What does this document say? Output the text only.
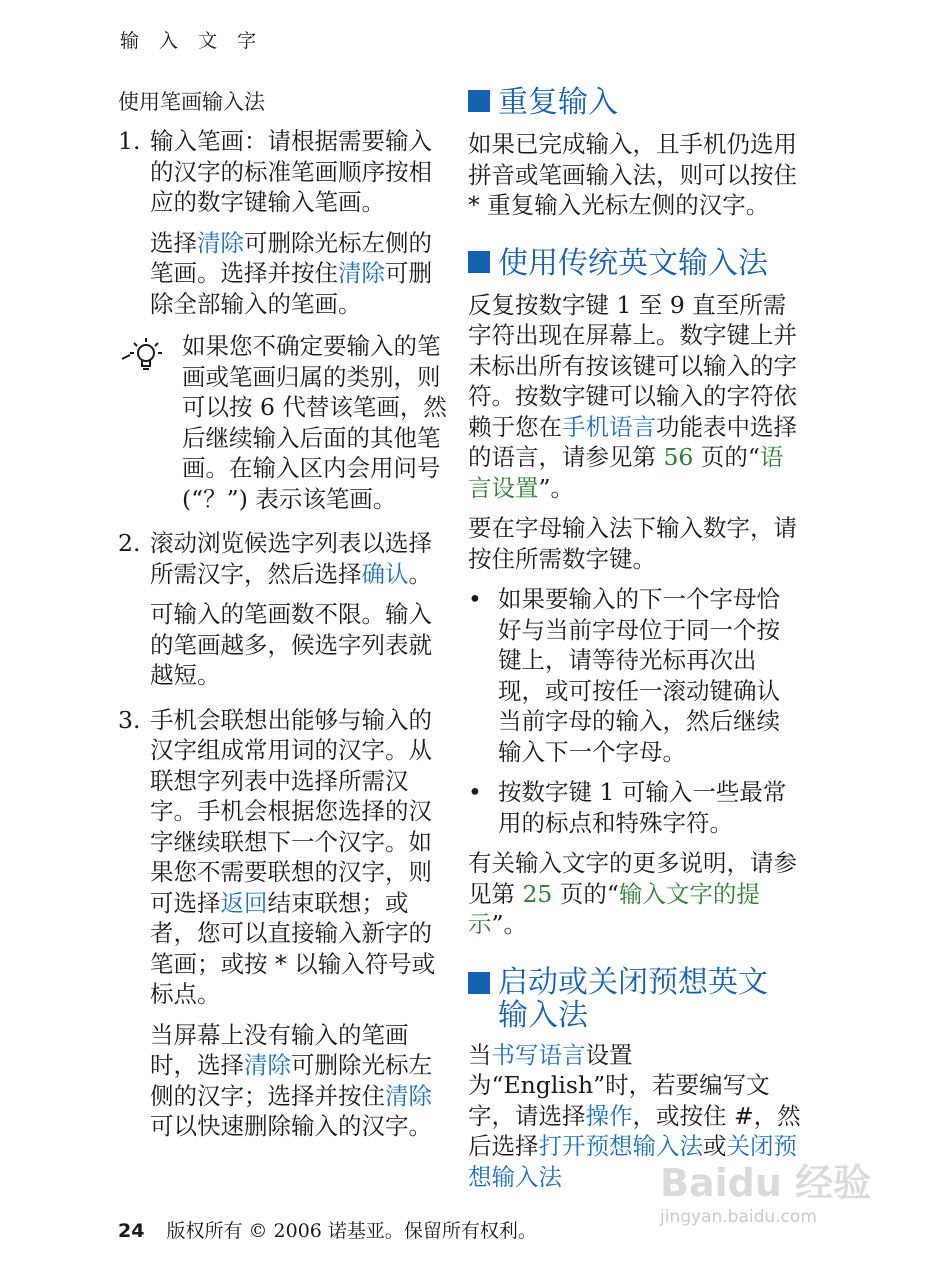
输 入 文 字
使用笔画输入法
1. 输入笔画：请根据需要输入的汉字的标准笔画顺序按相应的数字键输入笔画。
选择清除可删除光标左侧的笔画。选择并按住清除可删除全部输入的笔画。
如果您不确定要输入的笔画或笔画归属的类别，则可以按 6 代替该笔画，然后继续输入后面的其他笔画。在输入区内会用问号 (“？”) 表示该笔画。
2. 滚动浏览候选字列表以选择所需汉字，然后选择确认。
可输入的笔画数不限。输入的笔画越多，候选字列表就越短。
3. 手机会联想出能够与输入的汉字组成常用词的汉字。从联想字列表中选择所需汉字。手机会根据您选择的汉字继续联想下一个汉字。如果您不需要联想的汉字，则可选择返回结束联想；或者，您可以直接输入新字的笔画；或按 * 以输入符号或标点。
当屏幕上没有输入的笔画时，选择清除可删除光标左侧的汉字；选择并按住清除可以快速删除输入的汉字。
重复输入
如果已完成输入，且手机仍选用拼音或笔画输入法，则可以按住 * 重复输入光标左侧的汉字。
使用传统英文输入法
反复按数字键 1 至 9 直至所需字符出现在屏幕上。数字键上并未标出所有按该键可以输入的字符。按数字键可以输入的字符依赖于您在手机语言功能表中选择的语言，请参见第 56 页的“语言设置”。
要在字母输入法下输入数字，请按住所需数字键。
• 如果要输入的下一个字母恰好与当前字母位于同一个按键上，请等待光标再次出现，或可按任一滚动键确认当前字母的输入，然后继续输入下一个字母。
• 按数字键 1 可输入一些最常用的标点和特殊字符。
有关输入文字的更多说明，请参见第 25 页的“输入文字的提示”。
启动或关闭预想英文
输入法
当书写语言设置为“English”时，若要编写文字，请选择操作，或按住 #，然后选择打开预想输入法或关闭预想输入法	Baidu 经验
jingyan.baidu.com
24 版权所有 © 2006 诺基亚。保留所有权利。
